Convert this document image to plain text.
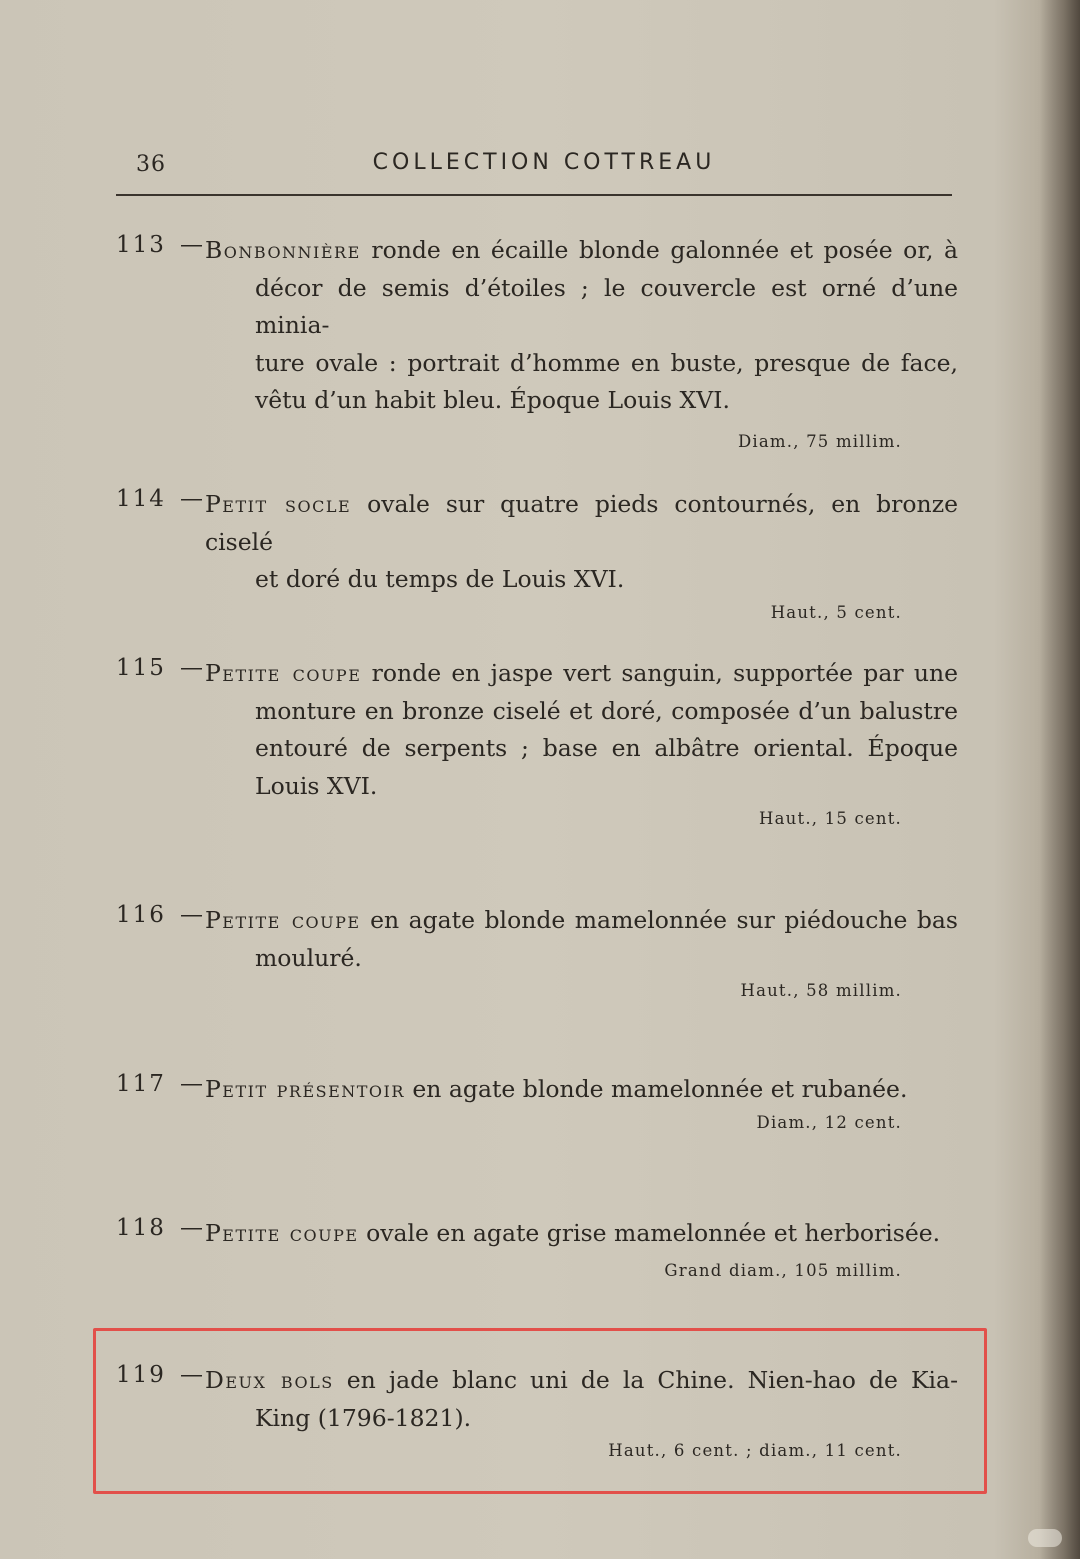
36	COLLECTION COTTREAU
113 — Bonbonnière ronde en écaille blonde galonnée et posée or, à
décor de semis d’étoiles ; le couvercle est orné d’une minia-
ture ovale : portrait d’homme en buste, presque de face,
vêtu d’un habit bleu. Époque Louis XVI.
Diam., 75 millim.
114 — Petit socle ovale sur quatre pieds contournés, en bronze ciselé
et doré du temps de Louis XVI.
Haut., 5 cent.
115 — Petite coupe ronde en jaspe vert sanguin, supportée par une
monture en bronze ciselé et doré, composée d’un balustre
entouré de serpents ; base en albâtre oriental. Époque
Louis XVI.
Haut., 15 cent.
116 — Petite coupe en agate blonde mamelonnée sur piédouche bas
mouluré.
Haut., 58 millim.
117 — Petit présentoir en agate blonde mamelonnée et rubanée.
Diam., 12 cent.
118 — Petite coupe ovale en agate grise mamelonnée et herborisée.
Grand diam., 105 millim.
119 — Deux bols en jade blanc uni de la Chine. Nien-hao de Kia-
King (1796-1821).
Haut., 6 cent. ; diam., 11 cent.
